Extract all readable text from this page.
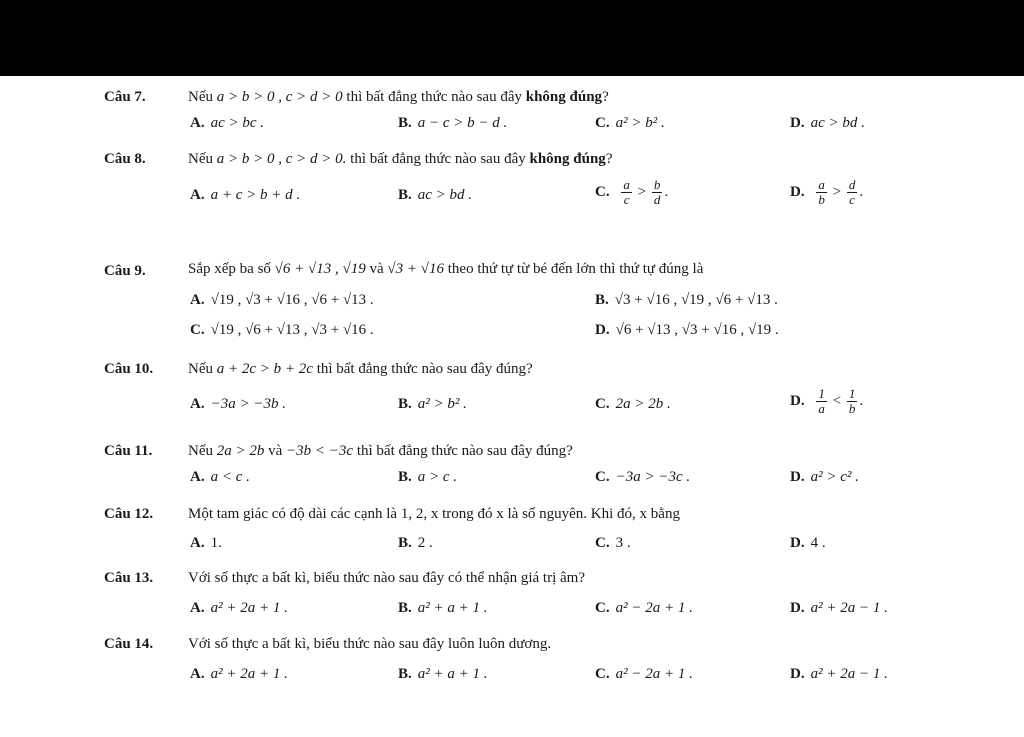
Câu 7.	Nếu a > b > 0 , c > d > 0 thì bất đẳng thức nào sau đây không đúng?
A. ac > bc .	B. a − c > b − d .	C. a² > b² .	D. ac > bd .
Câu 8.	Nếu a > b > 0 , c > d > 0. thì bất đẳng thức nào sau đây không đúng?
A. a + c > b + d .	B. ac > bd .	C. $\frac{a}{c} > \frac{b}{d}$ .	D. $\frac{a}{b} > \frac{d}{c}$ .
Câu 9.	Sắp xếp ba số √6 + √13 , √19 và √3 + √16 theo thứ tự từ bé đến lớn thì thứ tự đúng là
A. √19 , √3 + √16 , √6 + √13 .	B. √3 + √16 , √19 , √6 + √13 .
C. √19 , √6 + √13 , √3 + √16 .	D. √6 + √13 , √3 + √16 , √19 .
Câu 10. Nếu a + 2c > b + 2c thì bất đẳng thức nào sau đây đúng?
A. −3a > −3b .	B. a² > b² .	C. 2a > 2b .	D. $\frac{1}{a} < \frac{1}{b}$ .
Câu 11. Nếu 2a > 2b và −3b < −3c thì bất đẳng thức nào sau đây đúng?
A. a < c .	B. a > c .	C. −3a > −3c .	D. a² > c² .
Câu 12. Một tam giác có độ dài các cạnh là 1, 2, x trong đó x là số nguyên. Khi đó, x bằng
A. 1.	B. 2 .	C. 3 .	D. 4 .
Câu 13. Với số thực a bất kì, biểu thức nào sau đây có thể nhận giá trị âm?
A. a² + 2a + 1 .	B. a² + a + 1 .	C. a² − 2a + 1 .	D. a² + 2a − 1 .
Câu 14. Với số thực a bất kì, biểu thức nào sau đây luôn luôn dương.
A. a² + 2a + 1 .	B. a² + a + 1 .	C. a² − 2a + 1 .	D. a² + 2a − 1 .
